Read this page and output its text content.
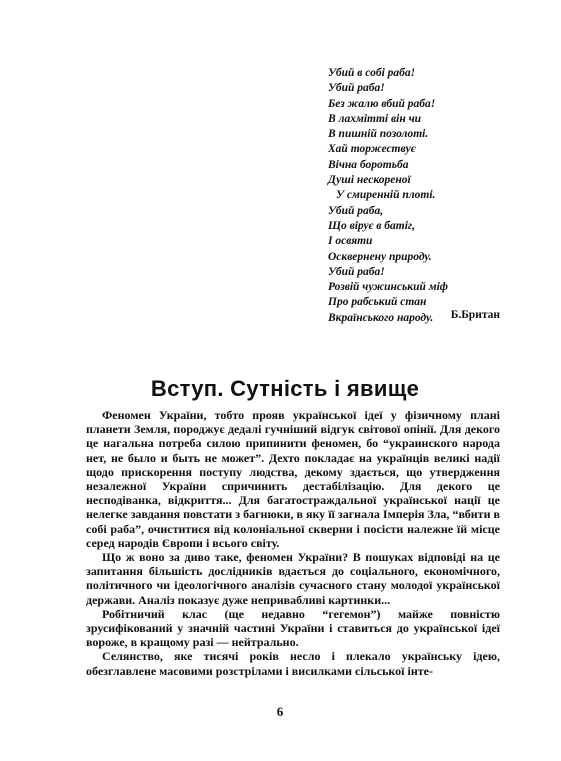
Убий в собі раба!
Убий раба!
Без жалю вбий раба!
В лахмітті він чи
В пишній позолоті.
Хай торжествує
Вічна боротьба
Душі нескореної
У смиренній плоті.
Убий раба,
Що вірує в батіг,
І освяти
Осквернену природу.
Убий раба!
Розвій чужинський міф
Про рабський стан
Вкраїнського народу.	Б.Британ
Вступ. Сутність і явище

Феномен України, тобто прояв української ідеї у фізичному плані планети Земля, породжує дедалі гучніший відгук світової опінії. Для декого це нагальна потреба силою припинити феномен, бо “украинского народа нет, не было и быть не может”. Дехто покладає на українців великі надії щодо прискорення поступу людства, декому здається, що утвердження незалежної України спричинить дестабілізацію. Для декого це несподіванка, відкриття... Для багатостраждальної української нації це нелегке завдання повстати з багнюки, в яку її загнала Імперія Зла, “вбити в собі раба”, очиститися від колоніальної скверни і посісти належне їй місце серед народів Європи і всього світу.

Що ж воно за диво таке, феномен України? В пошуках відповіді на це запитання більшість дослідників вдається до соціального, економічного, політичного чи ідеологічного аналізів сучасного стану молодої української держави. Аналіз показує дуже непривабливі картинки...

Робітничий клас (ще недавно “гегемон”) майже повністю зрусифікований у значній частині України і ставиться до української ідеї вороже, в кращому разі — нейтрально.

Селянство, яке тисячі років несло і плекало українську ідею, обезглавлене масовими розстрілами і висилками сільської інте-

6
